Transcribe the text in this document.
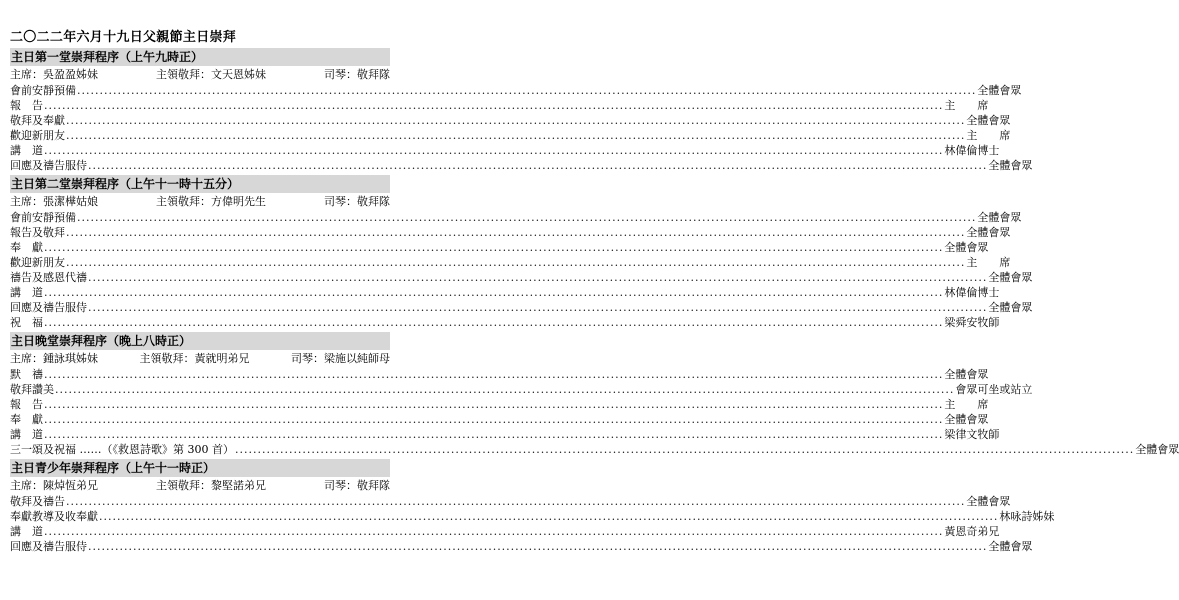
二〇二二年六月十九日父親節主日崇拜
主日第一堂崇拜程序（上午九時正）
主席：吳盈盈姊妹	主領敬拜：文天恩姊妹	司琴：敬拜隊
會前安靜預備 ........................................................................................................................................................................................................ 全體會眾
報　告 ........................................................................................................................................................................................................ 主　　席
敬拜及奉獻 ........................................................................................................................................................................................................ 全體會眾
歡迎新朋友 ........................................................................................................................................................................................................ 主　　席
講　道 ........................................................................................................................................................................................................ 林偉倫博士
回應及禱告服侍 ........................................................................................................................................................................................................ 全體會眾
主日第二堂崇拜程序（上午十一時十五分）
主席：張潔樺姑娘	主領敬拜：方偉明先生	司琴：敬拜隊
會前安靜預備 ........................................................................................................................................................................................................ 全體會眾
報告及敬拜 ........................................................................................................................................................................................................ 全體會眾
奉　獻 ........................................................................................................................................................................................................ 全體會眾
歡迎新朋友 ........................................................................................................................................................................................................ 主　　席
禱告及感恩代禱 ........................................................................................................................................................................................................ 全體會眾
講　道 ........................................................................................................................................................................................................ 林偉倫博士
回應及禱告服侍 ........................................................................................................................................................................................................ 全體會眾
祝　福 ........................................................................................................................................................................................................ 梁舜安牧師
主日晚堂崇拜程序（晚上八時正）
主席：鍾詠琪姊妹	主領敬拜：黃就明弟兄	司琴：梁施以純師母
默　禱 ........................................................................................................................................................................................................ 全體會眾
敬拜讚美 ........................................................................................................................................................................................................ 會眾可坐或站立
報　告 ........................................................................................................................................................................................................ 主　　席
奉　獻 ........................................................................................................................................................................................................ 全體會眾
講　道 ........................................................................................................................................................................................................ 梁律文牧師
三一頌及祝福 ……（《救恩詩歌》第 300 首） ........................................................................................................................................................................................................ 全體會眾
主日青少年崇拜程序（上午十一時正）
主席：陳焯恆弟兄	主領敬拜：黎堅諾弟兄	司琴：敬拜隊
敬拜及禱告 ........................................................................................................................................................................................................ 全體會眾
奉獻教導及收奉獻 ........................................................................................................................................................................................................ 林咏詩姊妹
講　道 ........................................................................................................................................................................................................ 黃恩奇弟兄
回應及禱告服侍 ........................................................................................................................................................................................................ 全體會眾
